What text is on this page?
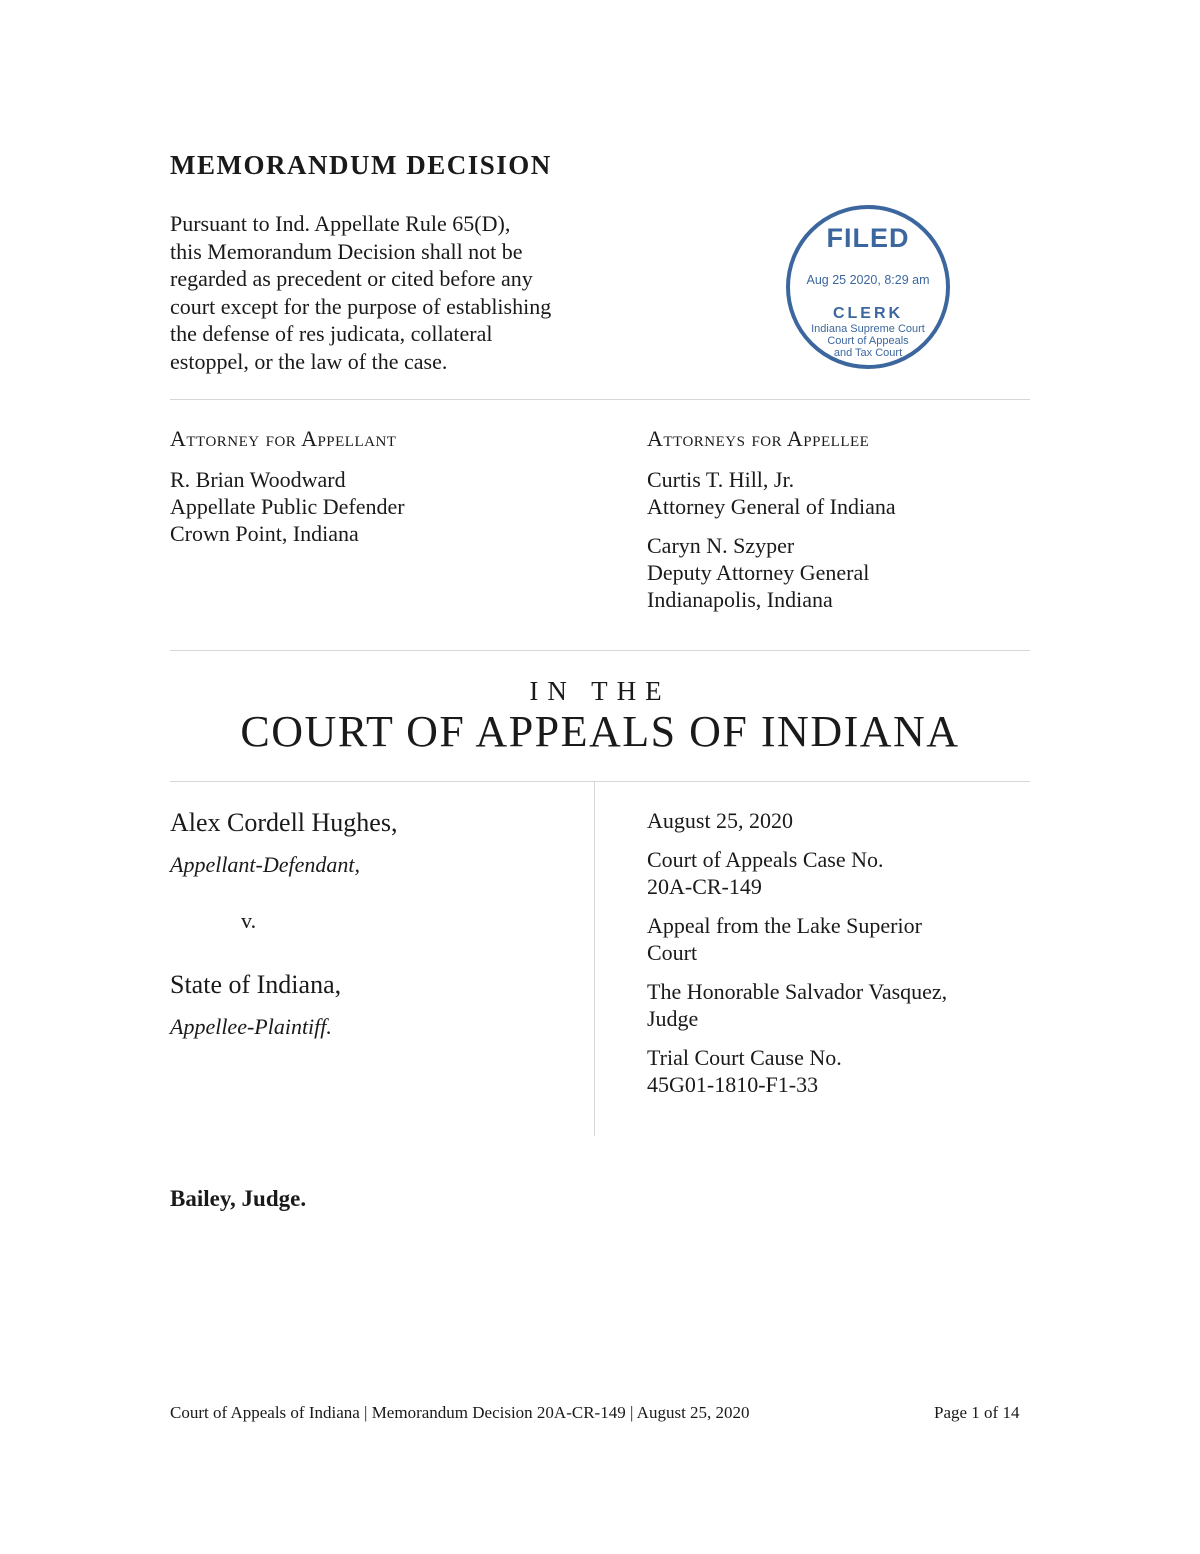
MEMORANDUM DECISION
Pursuant to Ind. Appellate Rule 65(D),
this Memorandum Decision shall not be
regarded as precedent or cited before any
court except for the purpose of establishing
the defense of res judicata, collateral
estoppel, or the law of the case.
FILED
Aug 25 2020, 8:29 am
CLERK
Indiana Supreme Court
Court of Appeals
and Tax Court
Attorney for Appellant
R. Brian Woodward
Appellate Public Defender
Crown Point, Indiana
Attorneys for Appellee
Curtis T. Hill, Jr.
Attorney General of Indiana
Caryn N. Szyper
Deputy Attorney General
Indianapolis, Indiana
IN THE
COURT OF APPEALS OF INDIANA
Alex Cordell Hughes,
Appellant-Defendant,
v.
State of Indiana,
Appellee-Plaintiff.
August 25, 2020
Court of Appeals Case No.
20A-CR-149
Appeal from the Lake Superior
Court
The Honorable Salvador Vasquez,
Judge
Trial Court Cause No.
45G01-1810-F1-33
Bailey, Judge.
Court of Appeals of Indiana | Memorandum Decision 20A-CR-149 | August 25, 2020	Page 1 of 14
